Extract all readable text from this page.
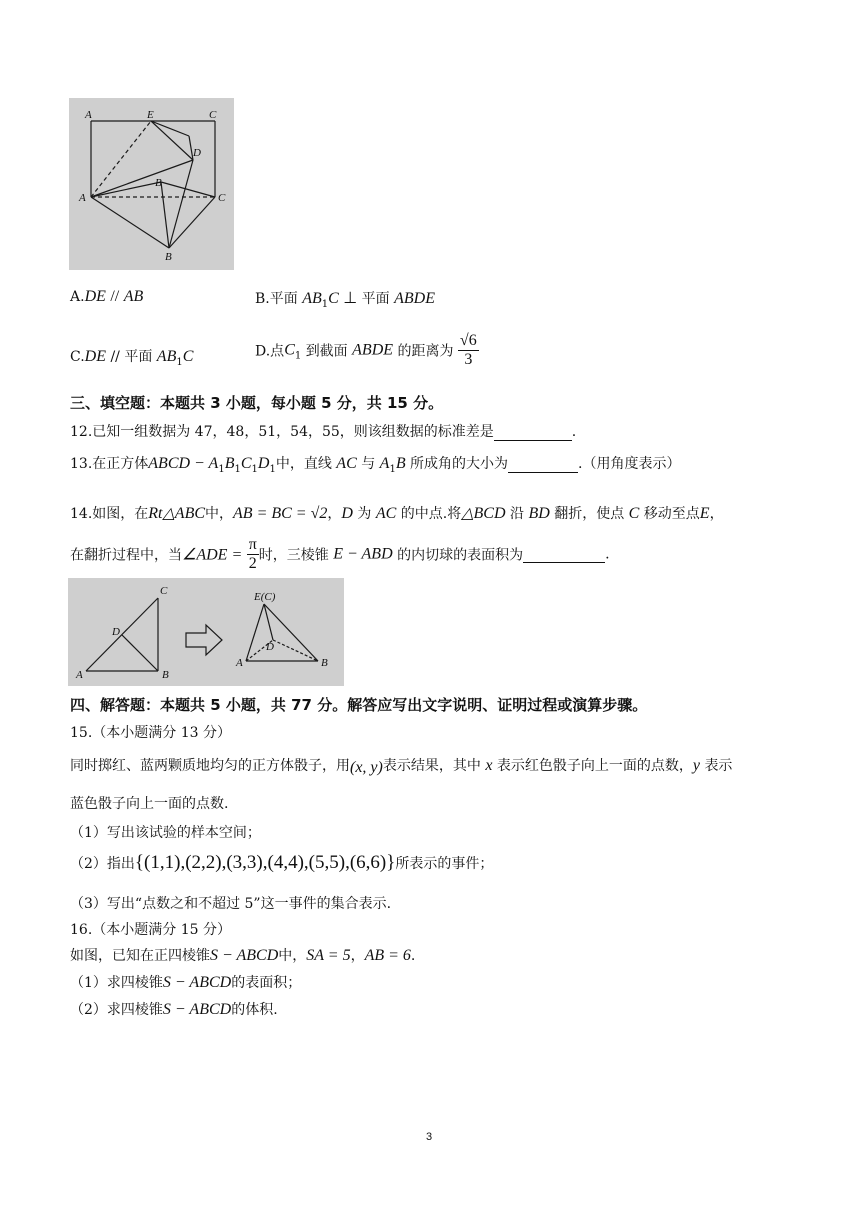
A	E	C
D
B
A	C
B
A.DE // AB	B.平面 $AB_1C$ ⊥ 平面 ABDE
C.DE // 平面 $AB_1C$	D.点$C_1$ 到截面 ABDE 的距离为 $\frac{√6}{3}$
三、填空题：本题共 3 小题，每小题 5 分，共 15 分。
12.已知一组数据为 47，48，51，54，55，则该组数据的标准差是	.
13.在正方体ABCD − $A_1B_1C_1D_1$中，直线 AC 与 $A_1B$ 所成角的大小为	.（用角度表示）
14.如图，在Rt△ABC中，AB = BC = √2，D 为 AC 的中点.将△BCD 沿 BD 翻折，使点 C 移动至点E，
在翻折过程中，当∠ADE = $\frac{\pi}{2}$ 时，三棱锥 E − ABD 的内切球的表面积为	.
C
D
A	B
E(C)
D
A	B
四、解答题：本题共 5 小题，共 77 分。解答应写出文字说明、证明过程或演算步骤。
15.（本小题满分 13 分）
同时掷红、蓝两颗质地均匀的正方体骰子，用(x, y)表示结果，其中 x 表示红色骰子向上一面的点数，y 表示
蓝色骰子向上一面的点数.
（1）写出该试验的样本空间；
（2）指出{(1,1),(2,2),(3,3),(4,4),(5,5),(6,6)}所表示的事件；
（3）写出“点数之和不超过 5”这一事件的集合表示.
16.（本小题满分 15 分）
如图，已知在正四棱锥S − ABCD中，SA = 5，AB = 6.
（1）求四棱锥S − ABCD的表面积；
（2）求四棱锥S − ABCD的体积.
3
